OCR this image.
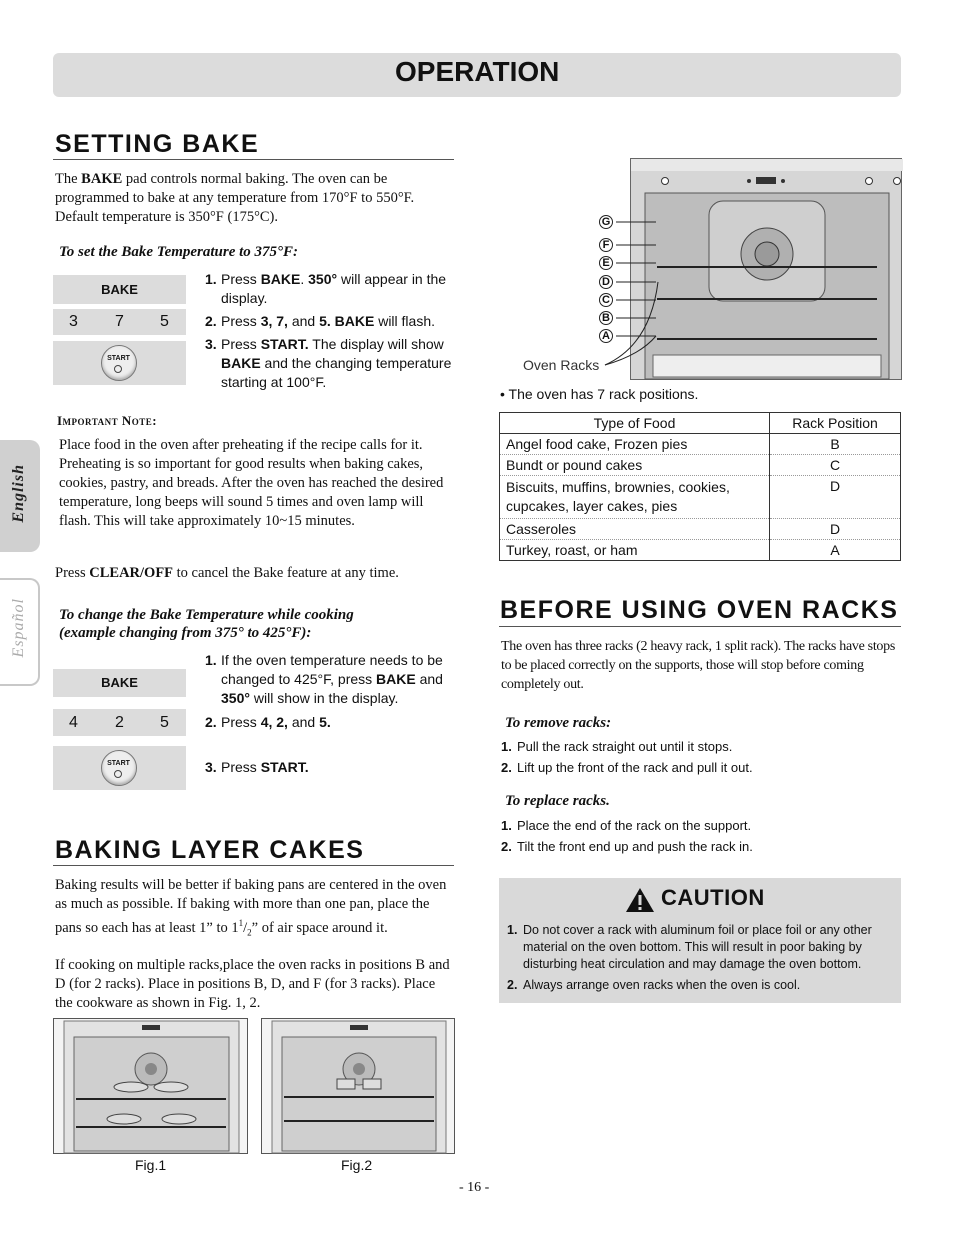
OPERATION
English
Español
SETTING BAKE
The BAKE pad controls normal baking. The oven can be programmed to bake at any temperature from 170°F to 550°F. Default temperature is 350°F (175°C).
To set the Bake Temperature to 375°F:
BAKE
3 7 5
START
1. Press BAKE. 350° will appear in the display.
2. Press 3, 7, and 5. BAKE will flash.
3. Press START. The display will show BAKE and the changing temperature starting at 100°F.
Important Note:
Place food in the oven after preheating if the recipe calls for it. Preheating is so important for good results when baking cakes, cookies, pastry, and breads. After the oven has reached the desired temperature, long beeps will sound 5 times and oven lamp will flash. This will take approximately 10~15 minutes.
Press CLEAR/OFF to cancel the Bake feature at any time.
To change the Bake Temperature while cooking
(example changing from 375° to 425°F):
BAKE
4 2 5
START
1. If the oven temperature needs to be changed to 425°F, press BAKE and 350° will show in the display.
2. Press 4, 2, and 5.
3. Press START.
BAKING LAYER CAKES
Baking results will be better if baking pans are centered in the oven as much as possible. If baking with more than one pan, place the pans so each has at least 1” to $1^1/_2$” of air space around it.
If cooking on multiple racks,place the oven racks in positions B and D (for 2 racks). Place in positions B, D, and F (for 3 racks). Place the cookware as shown in Fig. 1, 2.
Fig.1	Fig.2
G
F
E
D
C
B
A
Oven Racks
• The oven has 7 rack positions.
Type of Food	Rack Position
Angel food cake, Frozen pies	B
Bundt or pound cakes	C
Biscuits, muffins, brownies, cookies, cupcakes, layer cakes, pies	D
Casseroles	D
Turkey, roast, or ham	A
BEFORE USING OVEN RACKS
The oven has three racks (2 heavy rack, 1 split rack). The racks have stops to be placed correctly on the supports, those will stop before coming completely out.
To remove racks:
1. Pull the rack straight out until it stops.
2. Lift up the front of the rack and pull it out.
To replace racks.
1. Place the end of the rack on the support.
2. Tilt the front end up and push the rack in.
CAUTION
1. Do not cover a rack with aluminum foil or place foil or any other material on the oven bottom. This will result in poor baking by disturbing heat circulation and may damage the oven bottom.
2. Always arrange oven racks when the oven is cool.
- 16 -
